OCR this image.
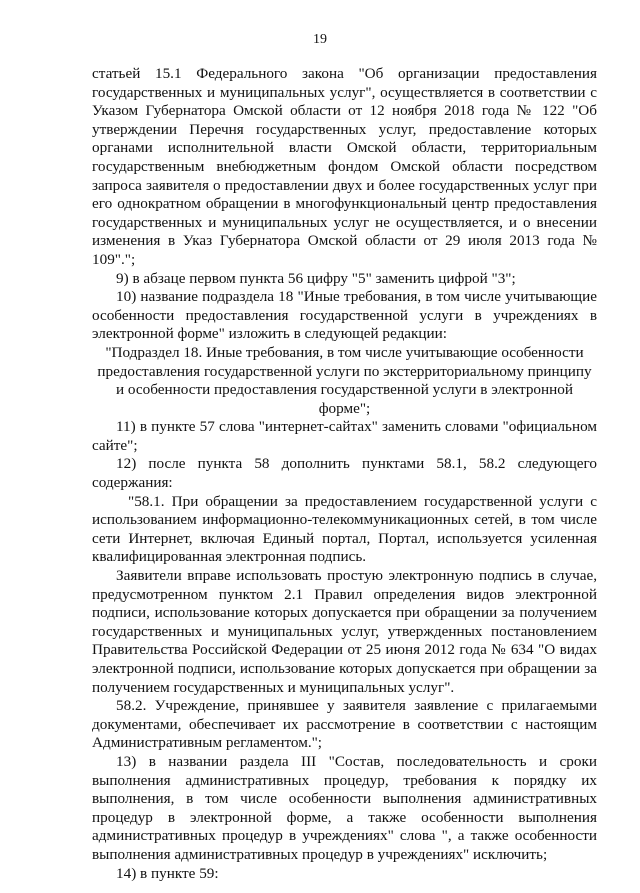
19

статьей 15.1 Федерального закона "Об организации предоставления государственных и муниципальных услуг", осуществляется в соответствии с Указом Губернатора Омской области от 12 ноября 2018 года № 122 "Об утверждении Перечня государственных услуг, предоставление которых органами исполнительной власти Омской области, территориальным государственным внебюджетным фондом Омской области посредством запроса заявителя о предоставлении двух и более государственных услуг при его однократном обращении в многофункциональный центр предоставления государственных и муниципальных услуг не осуществляется, и о внесении изменения в Указ Губернатора Омской области от 29 июля 2013 года № 109".";

9) в абзаце первом пункта 56 цифру "5" заменить цифрой "3";

10) название подраздела 18 "Иные требования, в том числе учитывающие особенности предоставления государственной услуги в учреждениях в электронной форме" изложить в следующей редакции:

"Подраздел 18. Иные требования, в том числе учитывающие особенности предоставления государственной услуги по экстерриториальному принципу и особенности предоставления государственной услуги в электронной форме";

11) в пункте 57 слова "интернет-сайтах" заменить словами "официальном сайте";

12) после пункта 58 дополнить пунктами 58.1, 58.2 следующего содержания:

"58.1. При обращении за предоставлением государственной услуги с использованием информационно-телекоммуникационных сетей, в том числе сети Интернет, включая Единый портал, Портал, используется усиленная квалифицированная электронная подпись.

Заявители вправе использовать простую электронную подпись в случае, предусмотренном пунктом 2.1 Правил определения видов электронной подписи, использование которых допускается при обращении за получением государственных и муниципальных услуг, утвержденных постановлением Правительства Российской Федерации от 25 июня 2012 года № 634 "О видах электронной подписи, использование которых допускается при обращении за получением государственных и муниципальных услуг".

58.2. Учреждение, принявшее у заявителя заявление с прилагаемыми документами, обеспечивает их рассмотрение в соответствии с настоящим Административным регламентом.";

13) в названии раздела III "Состав, последовательность и сроки выполнения административных процедур, требования к порядку их выполнения, в том числе особенности выполнения административных процедур в электронной форме, а также особенности выполнения административных процедур в учреждениях" слова ", а также особенности выполнения административных процедур в учреждениях" исключить;

14) в пункте 59:
